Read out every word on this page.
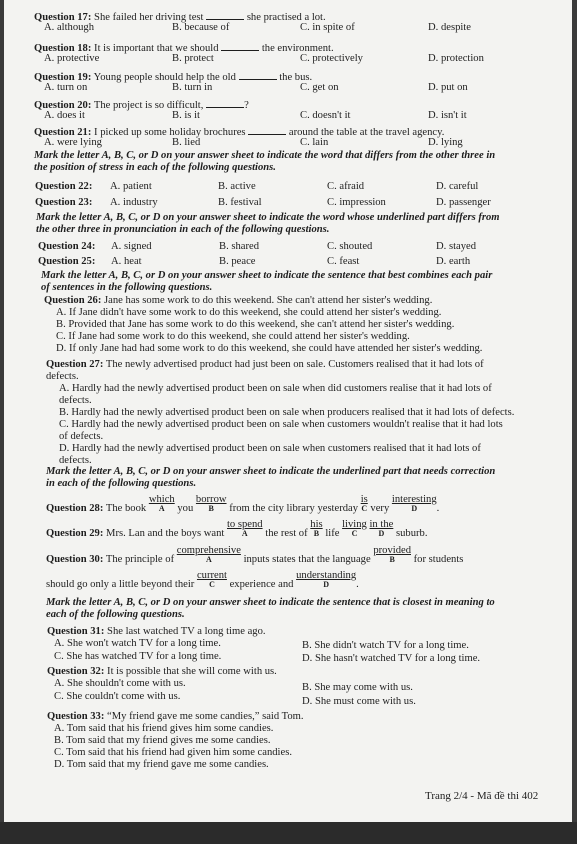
Question 17: She failed her driving test	she practised a lot.
A. although	B. because of	C. in spite of	D. despite
Question 18: It is important that we should	the environment.
A. protective	B. protect	C. protectively	D. protection
Question 19: Young people should help the old	the bus.
A. turn on	B. turn in	C. get on	D. put on
Question 20: The project is so difficult,	?
A. does it	B. is it	C. doesn't it	D. isn't it
Question 21: I picked up some holiday brochures	around the table at the travel agency.
A. were lying	B. lied	C. lain	D. lying
Mark the letter A, B, C, or D on your answer sheet to indicate the word that differs from the other three in
the position of stress in each of the following questions.
Question 22: A. patient	B. active	C. afraid	D. careful
Question 23: A. industry	B. festival	C. impression	D. passenger
Mark the letter A, B, C, or D on your answer sheet to indicate the word whose underlined part differs from
the other three in pronunciation in each of the following questions.
Question 24: A. signed	B. shared	C. shouted	D. stayed
Question 25: A. heat	B. peace	C. feast	D. earth
Mark the letter A, B, C, or D on your answer sheet to indicate the sentence that best combines each pair
of sentences in the following questions.
Question 26: Jane has some work to do this weekend. She can't attend her sister's wedding.
A. If Jane didn't have some work to do this weekend, she could attend her sister's wedding.
B. Provided that Jane has some work to do this weekend, she can't attend her sister's wedding.
C. If Jane had some work to do this weekend, she could attend her sister's wedding.
D. If only Jane had had some work to do this weekend, she could have attended her sister's wedding.
Question 27: The newly advertised product had just been on sale. Customers realised that it had lots of
defects.
A. Hardly had the newly advertised product been on sale when did customers realise that it had lots of
defects.
B. Hardly had the newly advertised product been on sale when producers realised that it had lots of defects.
C. Hardly had the newly advertised product been on sale when customers wouldn't realise that it had lots
of defects.
D. Hardly had the newly advertised product been on sale when customers realised that it had lots of
defects.
Mark the letter A, B, C, or D on your answer sheet to indicate the underlined part that needs correction
in each of the following questions.
Question 28: The book which
A	you borrow
B	from the city library yesterday is
C very interesting
D	.
Question 29: Mrs. Lan and the boys want to spend
A	the rest of his
B life living
C
in the
D	suburb.
Question 30: The principle of comprehensive
A	inputs states that the language provided
B	for students
should go only a little beyond their current
C	experience and understanding
D	.
Mark the letter A, B, C, or D on your answer sheet to indicate the sentence that is closest in meaning to
each of the following questions.
Question 31: She last watched TV a long time ago.
A. She won't watch TV for a long time.	B. She didn't watch TV for a long time.
C. She has watched TV for a long time.	D. She hasn't watched TV for a long time.
Question 32: It is possible that she will come with us.
A. She shouldn't come with us.	B. She may come with us.
C. She couldn't come with us.	D. She must come with us.
Question 33: “My friend gave me some candies,” said Tom.
A. Tom said that his friend gives him some candies.
B. Tom said that my friend gives me some candies.
C. Tom said that his friend had given him some candies.
D. Tom said that my friend gave me some candies.
Trang 2/4 - Mã đề thi 402
